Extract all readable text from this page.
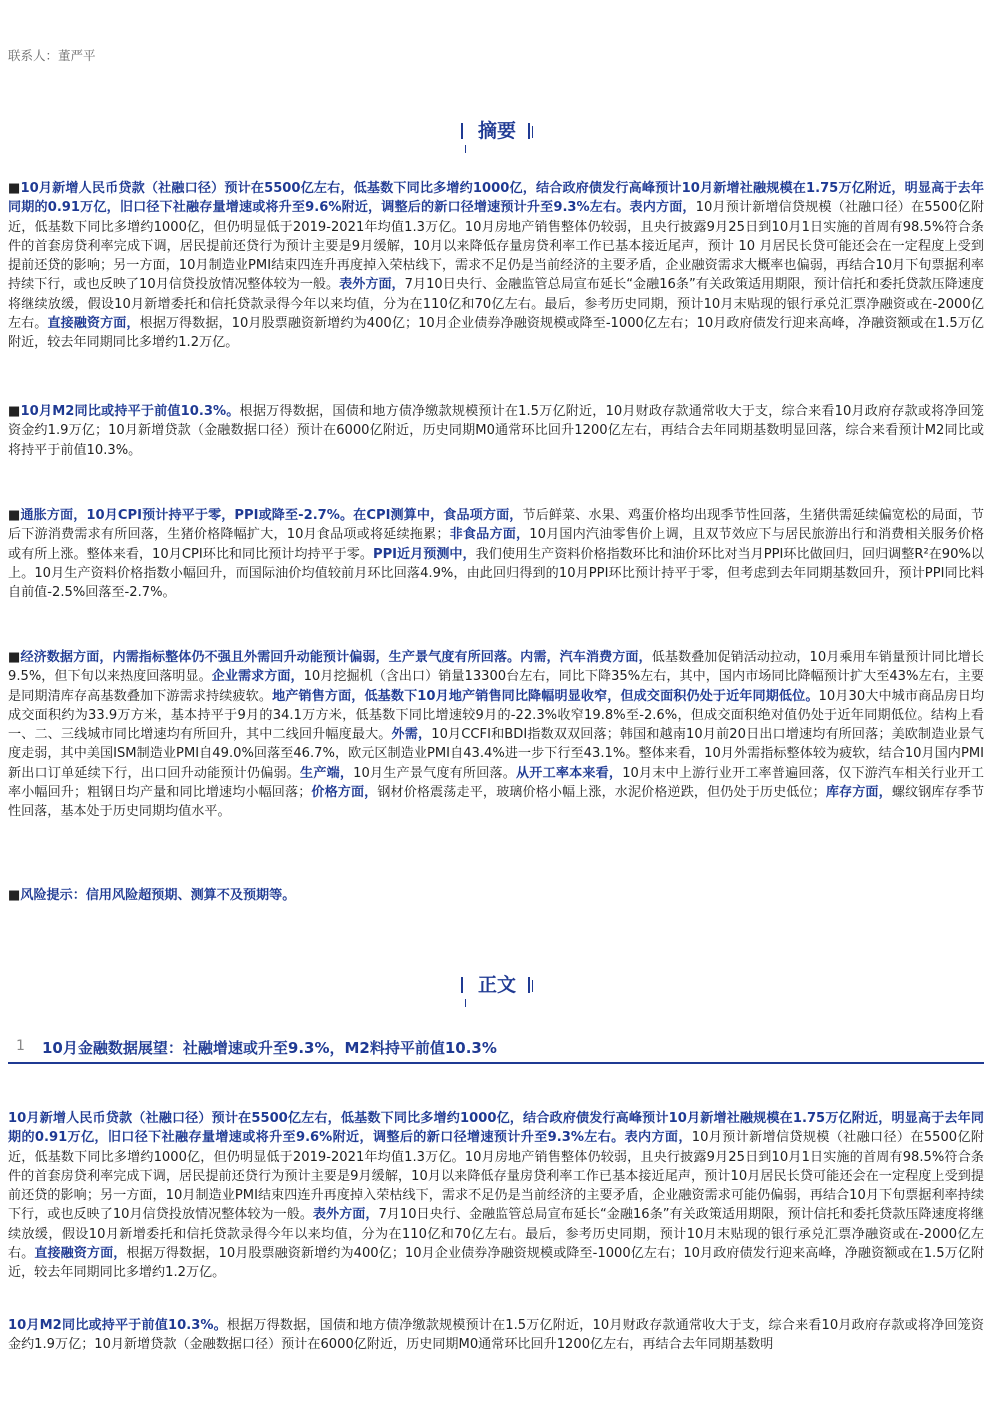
联系人：董严平
摘要
■10月新增人民币贷款（社融口径）预计在5500亿左右，低基数下同比多增约1000亿，结合政府债发行高峰预计10月新增社融规模在1.75万亿附近，明显高于去年同期的0.91万亿，旧口径下社融存量增速或将升至9.6%附近，调整后的新口径增速预计升至9.3%左右。表内方面，10月预计新增信贷规模（社融口径）在5500亿附近，低基数下同比多增约1000亿，但仍明显低于2019-2021年均值1.3万亿。10月房地产销售整体仍较弱，且央行披露9月25日到10月1日实施的首周有98.5%符合条件的首套房贷利率完成下调，居民提前还贷行为预计主要是9月缓解，10月以来降低存量房贷利率工作已基本接近尾声，预计 10 月居民长贷可能还会在一定程度上受到提前还贷的影响；另一方面，10月制造业PMI结束四连升再度掉入荣枯线下，需求不足仍是当前经济的主要矛盾，企业融资需求大概率也偏弱，再结合10月下旬票据利率持续下行，或也反映了10月信贷投放情况整体较为一般。表外方面，7月10日央行、金融监管总局宣布延长“金融16条”有关政策适用期限，预计信托和委托贷款压降速度将继续放缓，假设10月新增委托和信托贷款录得今年以来均值，分为在110亿和70亿左右。最后，参考历史同期，预计10月末贴现的银行承兑汇票净融资或在-2000亿左右。直接融资方面，根据万得数据，10月股票融资新增约为400亿；10月企业债券净融资规模或降至-1000亿左右；10月政府债发行迎来高峰，净融资额或在1.5万亿附近，较去年同期同比多增约1.2万亿。
■10月M2同比或持平于前值10.3%。根据万得数据，国债和地方债净缴款规模预计在1.5万亿附近，10月财政存款通常收大于支，综合来看10月政府存款或将净回笼资金约1.9万亿；10月新增贷款（金融数据口径）预计在6000亿附近，历史同期M0通常环比回升1200亿左右，再结合去年同期基数明显回落，综合来看预计M2同比或将持平于前值10.3%。
■通胀方面，10月CPI预计持平于零，PPI或降至-2.7%。在CPI测算中，食品项方面，节后鲜菜、水果、鸡蛋价格均出现季节性回落，生猪供需延续偏宽松的局面，节后下游消费需求有所回落，生猪价格降幅扩大，10月食品项或将延续拖累；非食品方面，10月国内汽油零售价上调，且双节效应下与居民旅游出行和消费相关服务价格或有所上涨。整体来看，10月CPI环比和同比预计均持平于零。PPI近月预测中，我们使用生产资料价格指数环比和油价环比对当月PPI环比做回归，回归调整R²在90%以上。10月生产资料价格指数小幅回升，而国际油价均值较前月环比回落4.9%，由此回归得到的10月PPI环比预计持平于零，但考虑到去年同期基数回升，预计PPI同比料自前值-2.5%回落至-2.7%。
■经济数据方面，内需指标整体仍不强且外需回升动能预计偏弱，生产景气度有所回落。内需，汽车消费方面，低基数叠加促销活动拉动，10月乘用车销量预计同比增长9.5%，但下旬以来热度回落明显。企业需求方面，10月挖掘机（含出口）销量13300台左右，同比下降35%左右，其中，国内市场同比降幅预计扩大至43%左右，主要是同期清库存高基数叠加下游需求持续疲软。地产销售方面，低基数下10月地产销售同比降幅明显收窄，但成交面积仍处于近年同期低位。10月30大中城市商品房日均成交面积约为33.9万方米，基本持平于9月的34.1万方米，低基数下同比增速较9月的-22.3%收窄19.8%至-2.6%，但成交面积绝对值仍处于近年同期低位。结构上看一、二、三线城市同比增速均有所回升，其中二线回升幅度最大。外需，10月CCFI和BDI指数双双回落；韩国和越南10月前20日出口增速均有所回落；美欧制造业景气度走弱，其中美国ISM制造业PMI自49.0%回落至46.7%，欧元区制造业PMI自43.4%进一步下行至43.1%。整体来看，10月外需指标整体较为疲软，结合10月国内PMI新出口订单延续下行，出口回升动能预计仍偏弱。生产端，10月生产景气度有所回落。从开工率本来看，10月末中上游行业开工率普遍回落，仅下游汽车相关行业开工率小幅回升；粗钢日均产量和同比增速均小幅回落；价格方面，钢材价格震荡走平，玻璃价格小幅上涨，水泥价格逆跌，但仍处于历史低位；库存方面，螺纹钢库存季节性回落，基本处于历史同期均值水平。
■风险提示：信用风险超预期、测算不及预期等。
正文
1 10月金融数据展望：社融增速或升至9.3%，M2料持平前值10.3%
10月新增人民币贷款（社融口径）预计在5500亿左右，低基数下同比多增约1000亿，结合政府债发行高峰预计10月新增社融规模在1.75万亿附近，明显高于去年同期的0.91万亿，旧口径下社融存量增速或将升至9.6%附近，调整后的新口径增速预计升至9.3%左右。表内方面，10月预计新增信贷规模（社融口径）在5500亿附近，低基数下同比多增约1000亿，但仍明显低于2019-2021年均值1.3万亿。10月房地产销售整体仍较弱，且央行披露9月25日到10月1日实施的首周有98.5%符合条件的首套房贷利率完成下调，居民提前还贷行为预计主要是9月缓解，10月以来降低存量房贷利率工作已基本接近尾声，预计10月居民长贷可能还会在一定程度上受到提前还贷的影响；另一方面，10月制造业PMI结束四连升再度掉入荣枯线下，需求不足仍是当前经济的主要矛盾，企业融资需求可能仍偏弱，再结合10月下旬票据利率持续下行，或也反映了10月信贷投放情况整体较为一般。表外方面，7月10日央行、金融监管总局宣布延长“金融16条”有关政策适用期限，预计信托和委托贷款压降速度将继续放缓，假设10月新增委托和信托贷款录得今年以来均值，分为在110亿和70亿左右。最后，参考历史同期，预计10月末贴现的银行承兑汇票净融资或在-2000亿左右。直接融资方面，根据万得数据，10月股票融资新增约为400亿；10月企业债券净融资规模或降至-1000亿左右；10月政府债发行迎来高峰，净融资额或在1.5万亿附近，较去年同期同比多增约1.2万亿。
10月M2同比或持平于前值10.3%。根据万得数据，国债和地方债净缴款规模预计在1.5万亿附近，10月财政存款通常收大于支，综合来看10月政府存款或将净回笼资金约1.9万亿；10月新增贷款（金融数据口径）预计在6000亿附近，历史同期M0通常环比回升1200亿左右，再结合去年同期基数明
